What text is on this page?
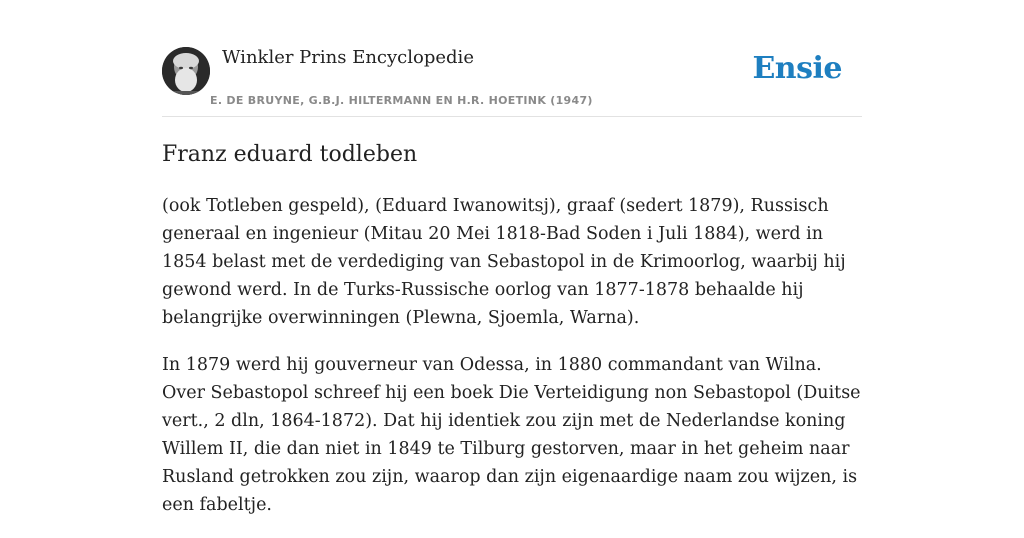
Winkler Prins Encyclopedie
E. DE BRUYNE, G.B.J. HILTERMANN EN H.R. HOETINK (1947)
Ensie
Franz eduard todleben

(ook Totleben gespeld), (Eduard Iwanowitsj), graaf (sedert 1879), Russisch generaal en ingenieur (Mitau 20 Mei 1818-Bad Soden i Juli 1884), werd in 1854 belast met de verdediging van Sebastopol in de Krimoorlog, waarbij hij gewond werd. In de Turks-Russische oorlog van 1877-1878 behaalde hij belangrijke overwinningen (Plewna, Sjoemla, Warna).

In 1879 werd hij gouverneur van Odessa, in 1880 commandant van Wilna. Over Sebastopol schreef hij een boek Die Verteidigung non Sebastopol (Duitse vert., 2 dln, 1864-1872). Dat hij identiek zou zijn met de Nederlandse koning Willem II, die dan niet in 1849 te Tilburg gestorven, maar in het geheim naar Rusland getrokken zou zijn, waarop dan zijn eigenaardige naam zou wijzen, is een fabeltje.
